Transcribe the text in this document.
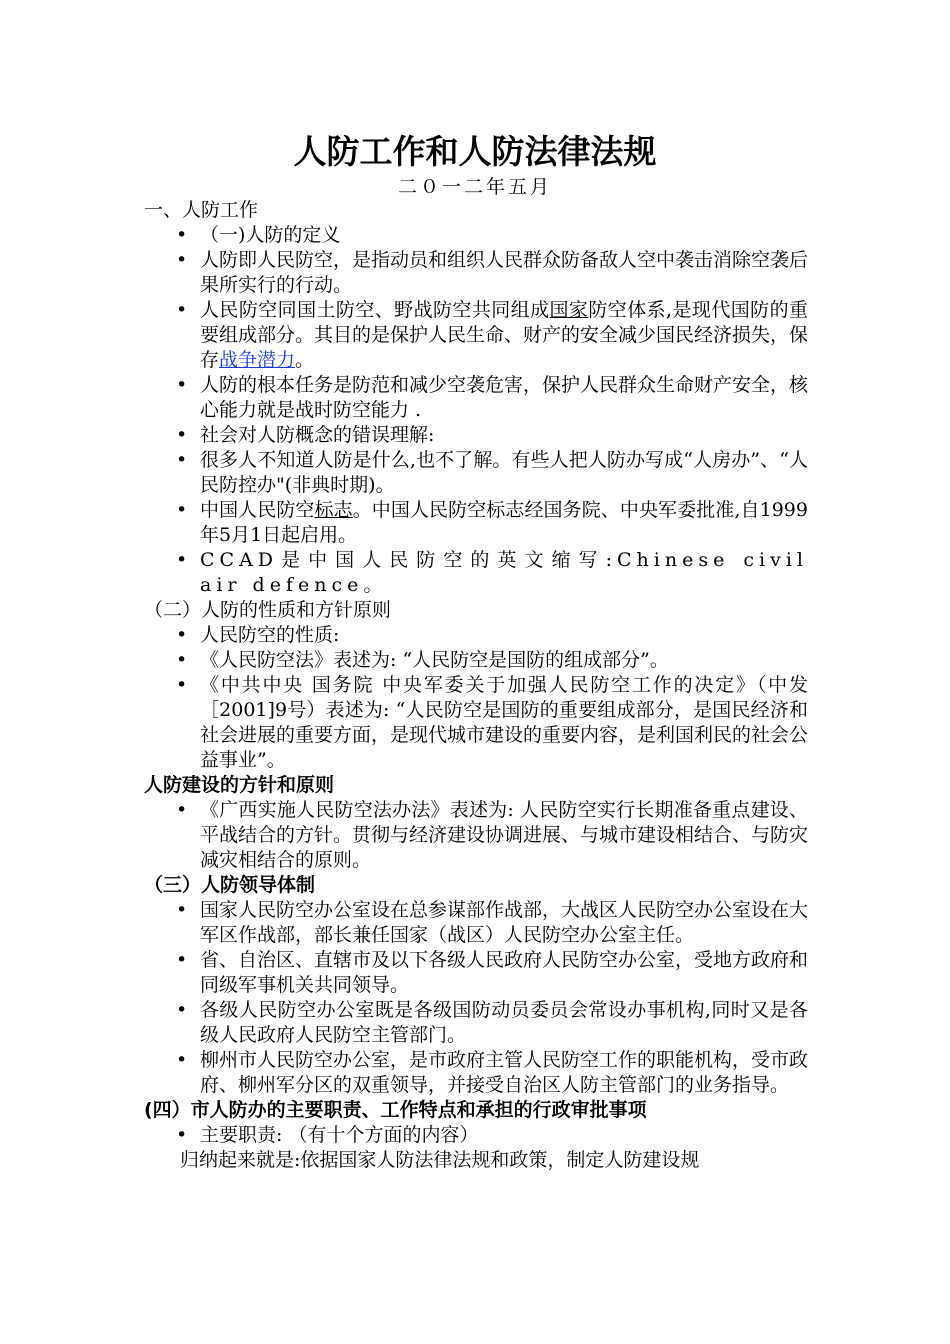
人防工作和人防法律法规
二０一二年五月

一、人防工作

• （一)人防的定义
• 人防即人民防空，是指动员和组织人民群众防备敌人空中袭击消除空袭后果所实行的行动。
• 人民防空同国土防空、野战防空共同组成国家防空体系,是现代国防的重要组成部分。其目的是保护人民生命、财产的安全减少国民经济损失，保存战争潜力。
• 人防的根本任务是防范和减少空袭危害，保护人民群众生命财产安全，核心能力就是战时防空能力 .
• 社会对人防概念的错误理解:
• 很多人不知道人防是什么,也不了解。有些人把人防办写成“人房办”、“人民防控办"(非典时期)。
• 中国人民防空标志。中国人民防空标志经国务院、中央军委批准,自1999年5月1日起启用。
• CCAD是中国人民防空的英文缩写:Chinese civil air defence。

（二）人防的性质和方针原则

• 人民防空的性质:
• 《人民防空法》表述为: “人民防空是国防的组成部分”。
• 《中共中央 国务院 中央军委关于加强人民防空工作的决定》（中发［2001]9号）表述为: “人民防空是国防的重要组成部分，是国民经济和社会进展的重要方面，是现代城市建设的重要内容，是利国利民的社会公益事业”。

人防建设的方针和原则

• 《广西实施人民防空法办法》表述为: 人民防空实行长期准备重点建设、平战结合的方针。贯彻与经济建设协调进展、与城市建设相结合、与防灾减灾相结合的原则。

（三）人防领导体制

• 国家人民防空办公室设在总参谋部作战部，大战区人民防空办公室设在大军区作战部，部长兼任国家（战区）人民防空办公室主任。
• 省、自治区、直辖市及以下各级人民政府人民防空办公室，受地方政府和同级军事机关共同领导。
• 各级人民防空办公室既是各级国防动员委员会常设办事机构,同时又是各级人民政府人民防空主管部门。
• 柳州市人民防空办公室，是市政府主管人民防空工作的职能机构，受市政府、柳州军分区的双重领导，并接受自治区人防主管部门的业务指导。

(四）市人防办的主要职责、工作特点和承担的行政审批事项

• 主要职责: （有十个方面的内容）

归纳起来就是:依据国家人防法律法规和政策，制定人防建设规
